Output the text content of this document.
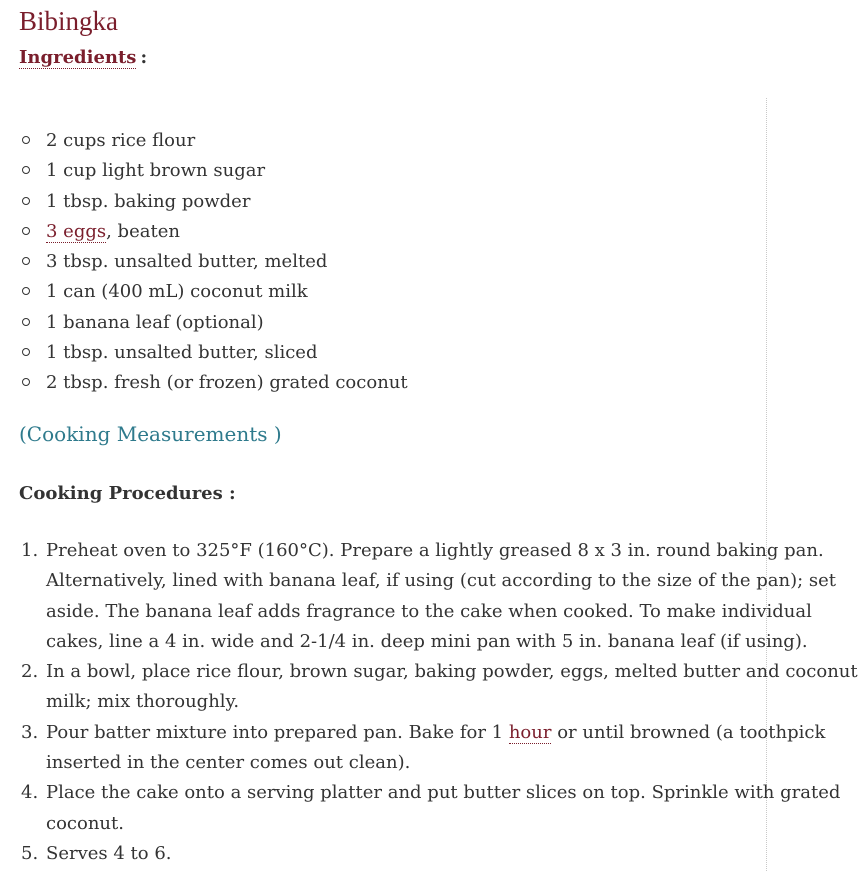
Bibingka
Ingredients :
2 cups rice flour
1 cup light brown sugar
1 tbsp. baking powder
3 eggs, beaten
3 tbsp. unsalted butter, melted
1 can (400 mL) coconut milk
1 banana leaf (optional)
1 tbsp. unsalted butter, sliced
2 tbsp. fresh (or frozen) grated coconut
(Cooking Measurements )
Cooking Procedures :
1. Preheat oven to 325°F (160°C). Prepare a lightly greased 8 x 3 in. round baking pan.
Alternatively, lined with banana leaf, if using (cut according to the size of the pan); set
aside. The banana leaf adds fragrance to the cake when cooked. To make individual
cakes, line a 4 in. wide and 2-1/4 in. deep mini pan with 5 in. banana leaf (if using).
2. In a bowl, place rice flour, brown sugar, baking powder, eggs, melted butter and coconut
milk; mix thoroughly.
3. Pour batter mixture into prepared pan. Bake for 1 hour or until browned (a toothpick
inserted in the center comes out clean).
4. Place the cake onto a serving platter and put butter slices on top. Sprinkle with grated
coconut.
5. Serves 4 to 6.
